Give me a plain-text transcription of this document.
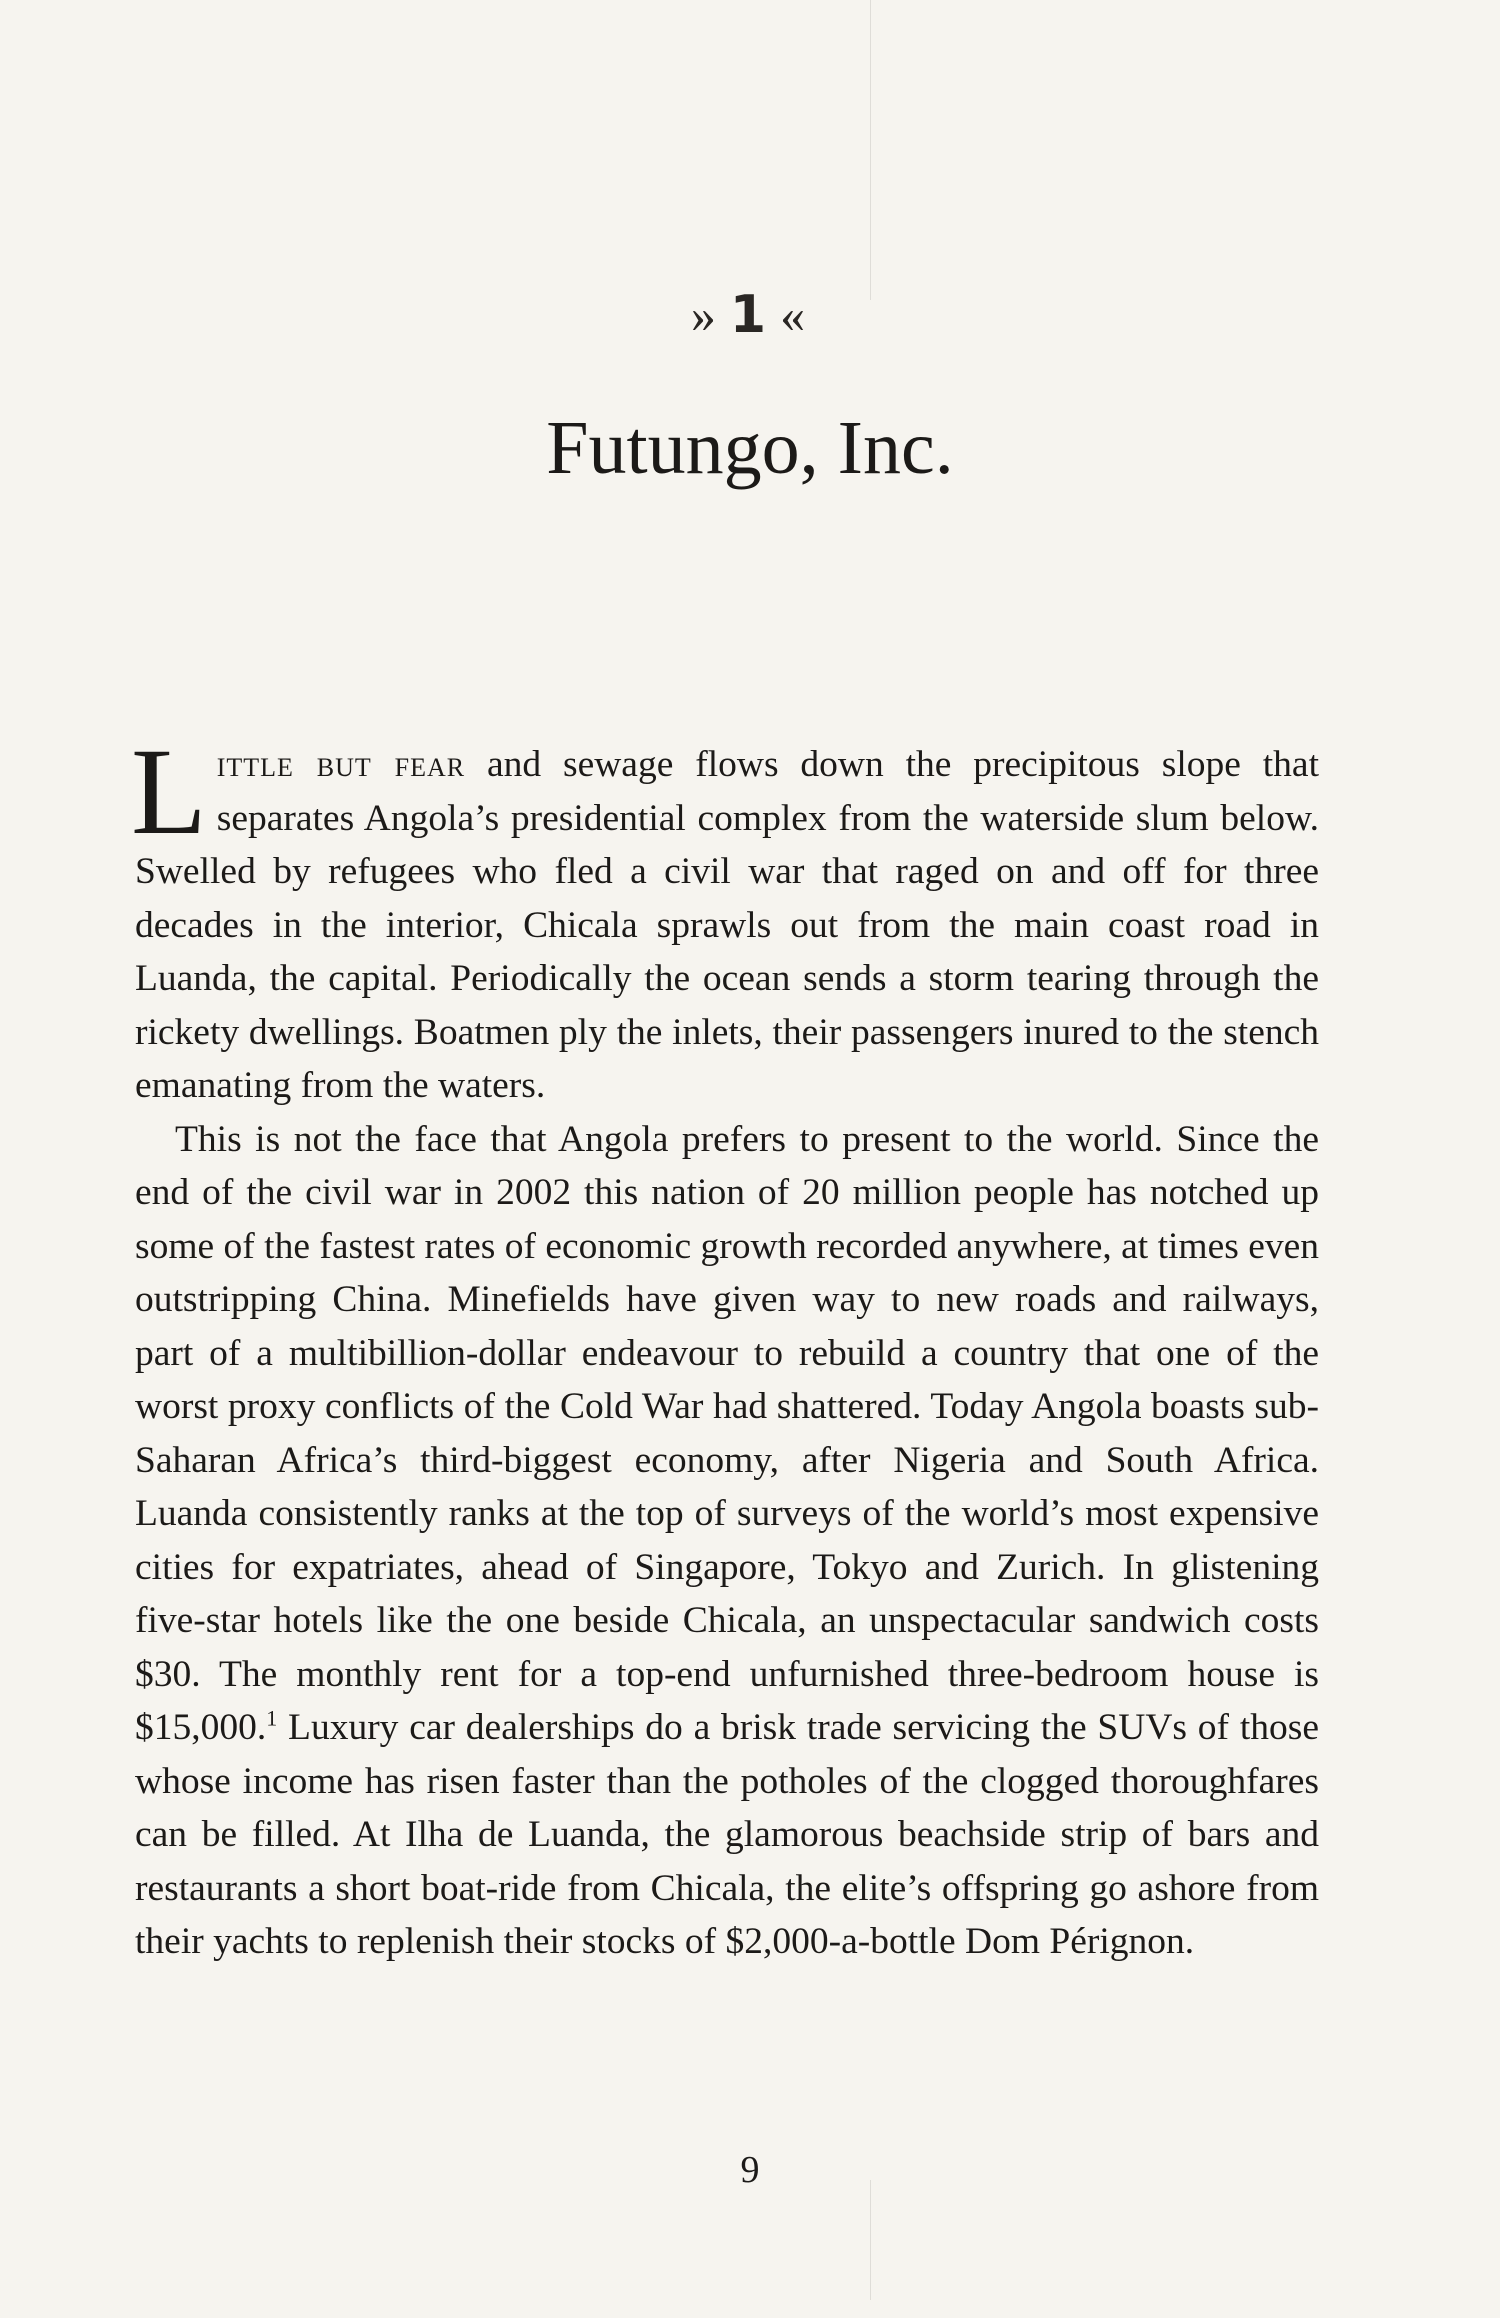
» 1 «
Futungo, Inc.

Little but fear and sewage flows down the precipitous slope that separates Angola’s presidential complex from the waterside slum below. Swelled by refugees who fled a civil war that raged on and off for three decades in the interior, Chicala sprawls out from the main coast road in Luanda, the capital. Periodically the ocean sends a storm tearing through the rickety dwellings. Boatmen ply the inlets, their passengers inured to the stench emanating from the waters.

This is not the face that Angola prefers to present to the world. Since the end of the civil war in 2002 this nation of 20 million people has notched up some of the fastest rates of economic growth recorded anywhere, at times even outstripping China. Minefields have given way to new roads and railways, part of a multibillion-dollar endeavour to rebuild a country that one of the worst proxy conflicts of the Cold War had shattered. Today Angola boasts sub-Saharan Africa’s third-biggest economy, after Nigeria and South Africa. Luanda consistently ranks at the top of surveys of the world’s most expensive cities for expatriates, ahead of Singapore, Tokyo and Zurich. In glistening five-star hotels like the one beside Chicala, an unspectacular sandwich costs $30. The monthly rent for a top-end unfurnished three-bedroom house is $15,000.$^1$ Luxury car dealerships do a brisk trade servicing the SUVs of those whose income has risen faster than the potholes of the clogged thoroughfares can be filled. At Ilha de Luanda, the glamorous beachside strip of bars and restaurants a short boat-ride from Chicala, the elite’s offspring go ashore from their yachts to replenish their stocks of $2,000-a-bottle Dom Pérignon.

9
